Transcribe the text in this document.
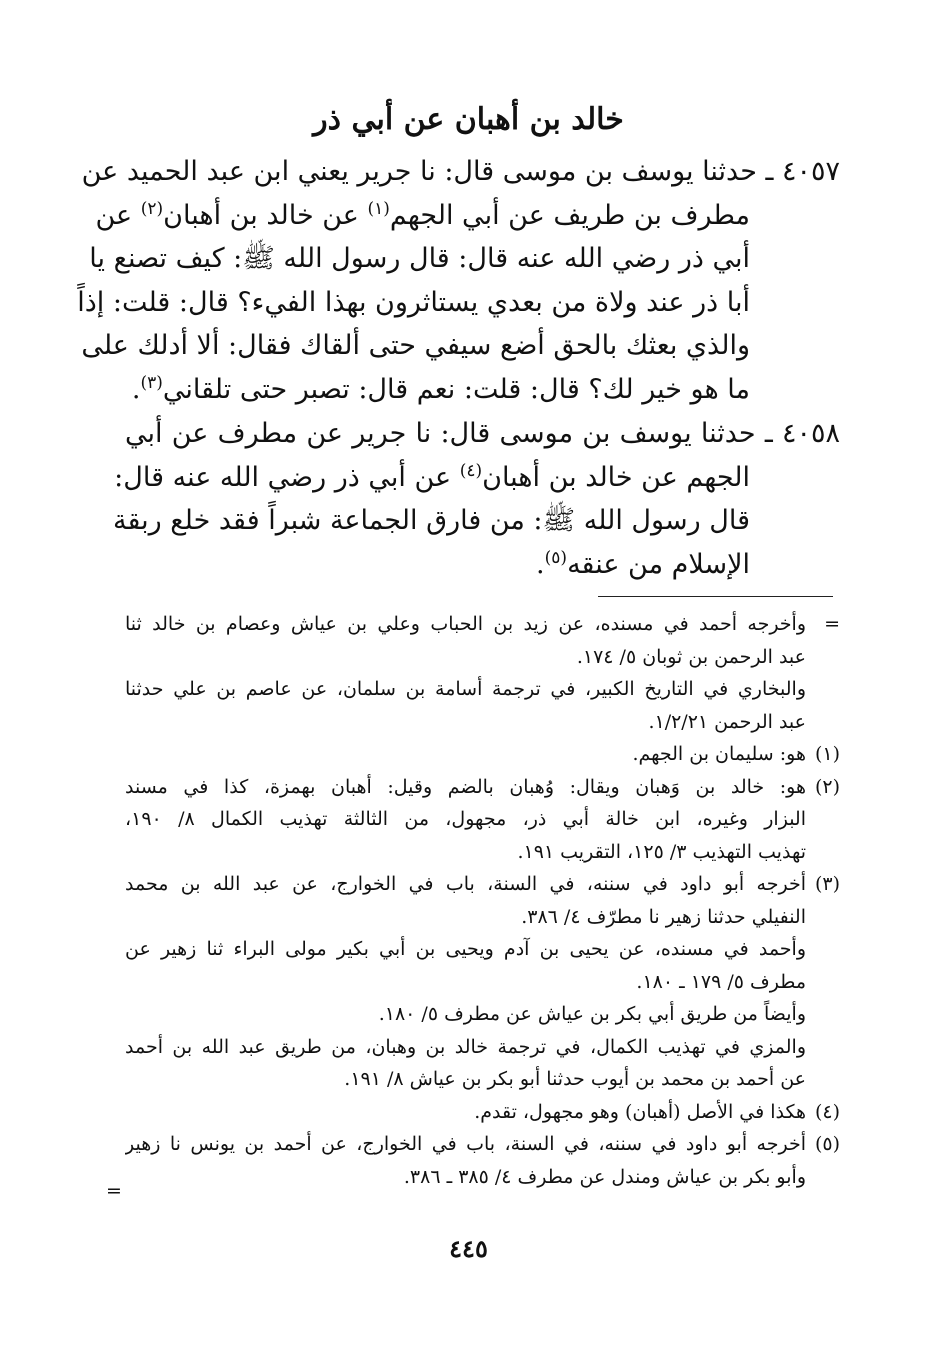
خالد بن أهبان عن أبي ذر
٤٠٥٧ ـ حدثنا يوسف بن موسى قال: نا جرير يعني ابن عبد الحميد عن
مطرف بن طريف عن أبي الجهم$^{(١)}$ عن خالد بن أهبان$^{(٢)}$ عن
أبي ذر رضي الله عنه قال: قال رسول الله ﷺ: كيف تصنع يا
أبا ذر عند ولاة من بعدي يستاثرون بهذا الفيء؟ قال: قلت: إذاً
والذي بعثك بالحق أضع سيفي حتى ألقاك فقال: ألا أدلك على
ما هو خير لك؟ قال: قلت: نعم قال: تصبر حتى تلقاني$^{(٣)}$.
٤٠٥٨ ـ حدثنا يوسف بن موسى قال: نا جرير عن مطرف عن أبي
الجهم عن خالد بن أهبان$^{(٤)}$ عن أبي ذر رضي الله عنه قال:
قال رسول الله ﷺ: من فارق الجماعة شبراً فقد خلع ربقة
الإسلام من عنقه$^{(٥)}$.
=
وأخرجه أحمد في مسنده، عن زيد بن الحباب وعلي بن عياش وعصام بن خالد ثنا
عبد الرحمن بن ثوبان ٥/ ١٧٤.
والبخاري في التاريخ الكبير، في ترجمة أسامة بن سلمان، عن عاصم بن علي حدثنا
عبد الرحمن ١/٢/٢١.
(١)
هو: سليمان بن الجهم.
(٢)
هو: خالد بن وَهبان ويقال: وُهبان بالضم وقيل: أهبان بهمزة، كذا في مسند
البزار وغيره، ابن خالة أبي ذر، مجهول، من الثالثة تهذيب الكمال ٨/ ١٩٠،
تهذيب التهذيب ٣/ ١٢٥، التقريب ١٩١.
(٣)
أخرجه أبو داود في سننه، في السنة، باب في الخوارج، عن عبد الله بن محمد
النفيلي حدثنا زهير نا مطرّف ٤/ ٣٨٦.
وأحمد في مسنده، عن يحيى بن آدم ويحيى بن أبي بكير مولى البراء ثنا زهير عن
مطرف ٥/ ١٧٩ ـ ١٨٠.
وأيضاً من طريق أبي بكر بن عياش عن مطرف ٥/ ١٨٠.
والمزي في تهذيب الكمال، في ترجمة خالد بن وهبان، من طريق عبد الله بن أحمد
عن أحمد بن محمد بن أيوب حدثنا أبو بكر بن عياش ٨/ ١٩١.
(٤)
هكذا في الأصل (أهبان) وهو مجهول، تقدم.
(٥)
أخرجه أبو داود في سننه، في السنة، باب في الخوارج، عن أحمد بن يونس نا زهير
وأبو بكر بن عياش ومندل عن مطرف ٤/ ٣٨٥ ـ ٣٨٦.
=
٤٤٥
